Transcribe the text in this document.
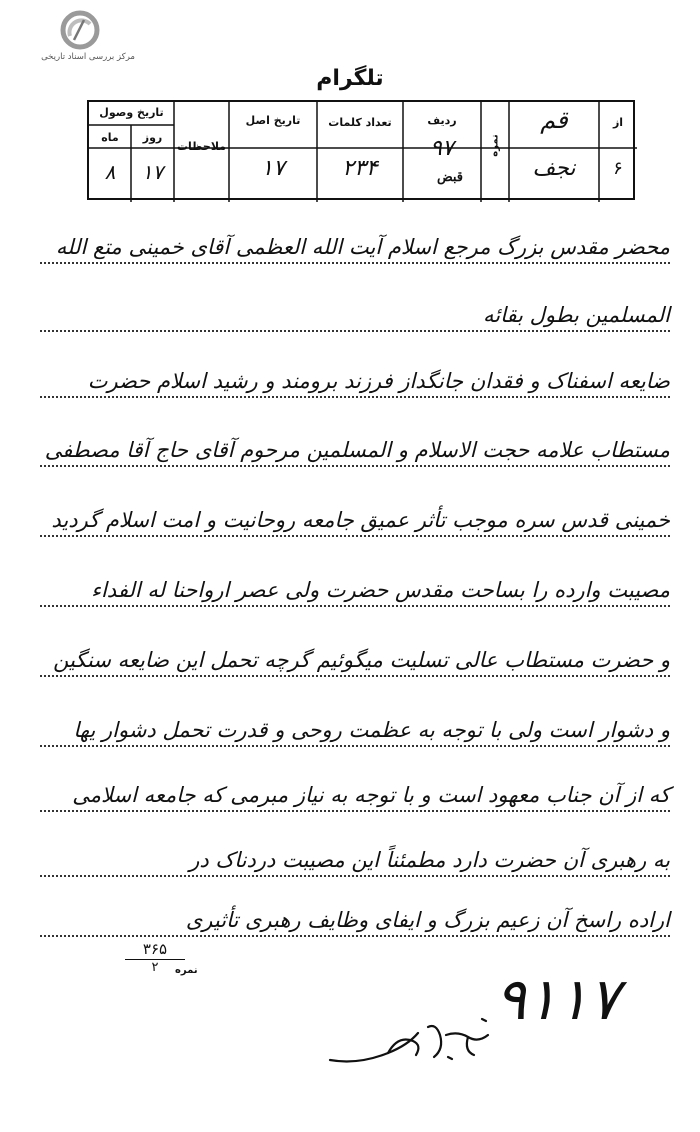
مرکز بررسی اسناد تاریخی
تلگرام
از
قم
نمره
ردیف
تعداد کلمات
تاریخ اصل
ملاحظات
تاریخ وصول
روز
ماه
۶
نجف
۹۷
قبض
۲۳۴
۱۷
۱۷
۸
محضر مقدس بزرگ مرجع اسلام آیت الله العظمی آقای خمینی متع الله
المسلمین بطول بقائه
ضایعه اسفناک و فقدان جانگداز فرزند برومند و رشید اسلام حضرت
مستطاب علامه حجت الاسلام و المسلمین مرحوم آقای حاج آقا مصطفی
خمینی قدس سره موجب تأثر عمیق جامعه روحانیت و امت اسلام گردید
مصیبت وارده را بساحت مقدس حضرت ولی عصر ارواحنا له الفداء
و حضرت مستطاب عالی تسلیت میگوئیم گرچه تحمل این ضایعه سنگین
و دشوار است ولی با توجه به عظمت روحی و قدرت تحمل دشوار یها
که از آن جناب معهود است و با توجه به نیاز مبرمی که جامعه اسلامی
به رهبری آن حضرت دارد مطمئناً این مصیبت دردناک در
اراده راسخ آن زعیم بزرگ و ایفای وظایف رهبری تأثیری
۳۶۵
۲	نمره	۹۱۱۷
